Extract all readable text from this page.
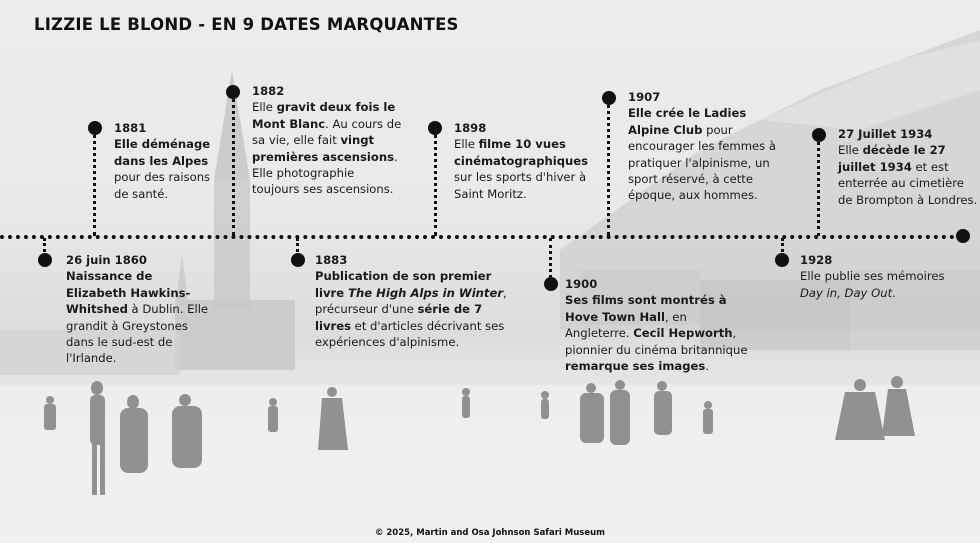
LIZZIE LE BLOND - EN 9 DATES MARQUANTES
26 juin 1860
Naissance de Elizabeth Hawkins-Whitshed à Dublin. Elle grandit à Greystones dans le sud-est de l'Irlande.
1881
Elle déménage dans les Alpes pour des raisons de santé.
1882
Elle gravit deux fois le Mont Blanc. Au cours de sa vie, elle fait vingt premières ascensions. Elle photographie toujours ses ascensions.
1883
Publication de son premier livre The High Alps in Winter, précurseur d'une série de 7 livres et d'articles décrivant ses expériences d'alpinisme.
1898
Elle filme 10 vues cinématographiques sur les sports d'hiver à Saint Moritz.
1900
Ses films sont montrés à Hove Town Hall, en Angleterre. Cecil Hepworth, pionnier du cinéma britannique remarque ses images.
1907
Elle crée le Ladies Alpine Club pour encourager les femmes à pratiquer l'alpinisme, un sport réservé, à cette époque, aux hommes.
1928
Elle publie ses mémoires Day in, Day Out.
27 Juillet 1934
Elle décède le 27 juillet 1934 et est enterrée au cimetière de Brompton à Londres.
© 2025, Martin and Osa Johnson Safari Museum
